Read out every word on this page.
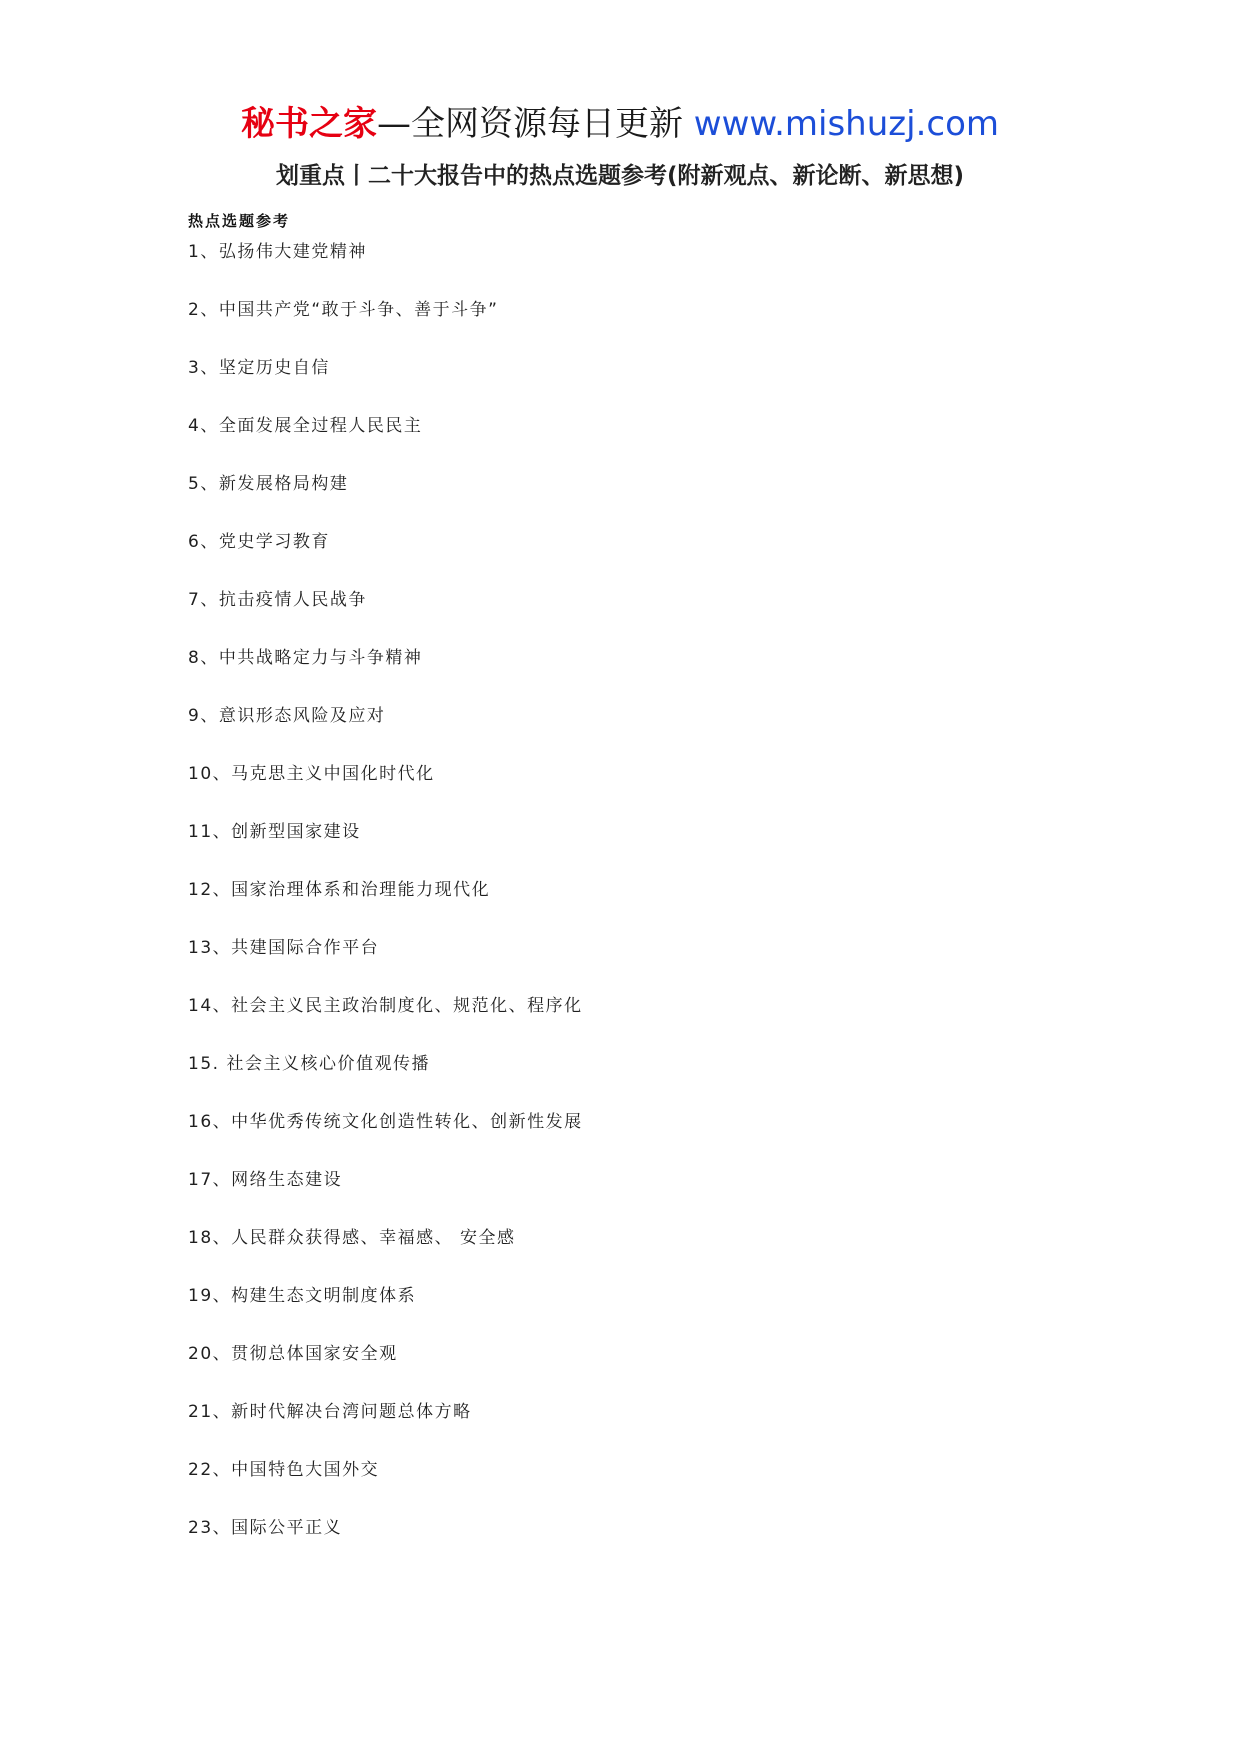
秘书之家—全网资源每日更新 www.mishuzj.com
划重点丨二十大报告中的热点选题参考(附新观点、新论断、新思想)
热点选题参考
1、弘扬伟大建党精神
2、中国共产党“敢于斗争、善于斗争”
3、坚定历史自信
4、全面发展全过程人民民主
5、新发展格局构建
6、党史学习教育
7、抗击疫情人民战争
8、中共战略定力与斗争精神
9、意识形态风险及应对
10、马克思主义中国化时代化
11、创新型国家建设
12、国家治理体系和治理能力现代化
13、共建国际合作平台
14、社会主义民主政治制度化、规范化、程序化
15. 社会主义核心价值观传播
16、中华优秀传统文化创造性转化、创新性发展
17、网络生态建设
18、人民群众获得感、幸福感、 安全感
19、构建生态文明制度体系
20、贯彻总体国家安全观
21、新时代解决台湾问题总体方略
22、中国特色大国外交
23、国际公平正义
